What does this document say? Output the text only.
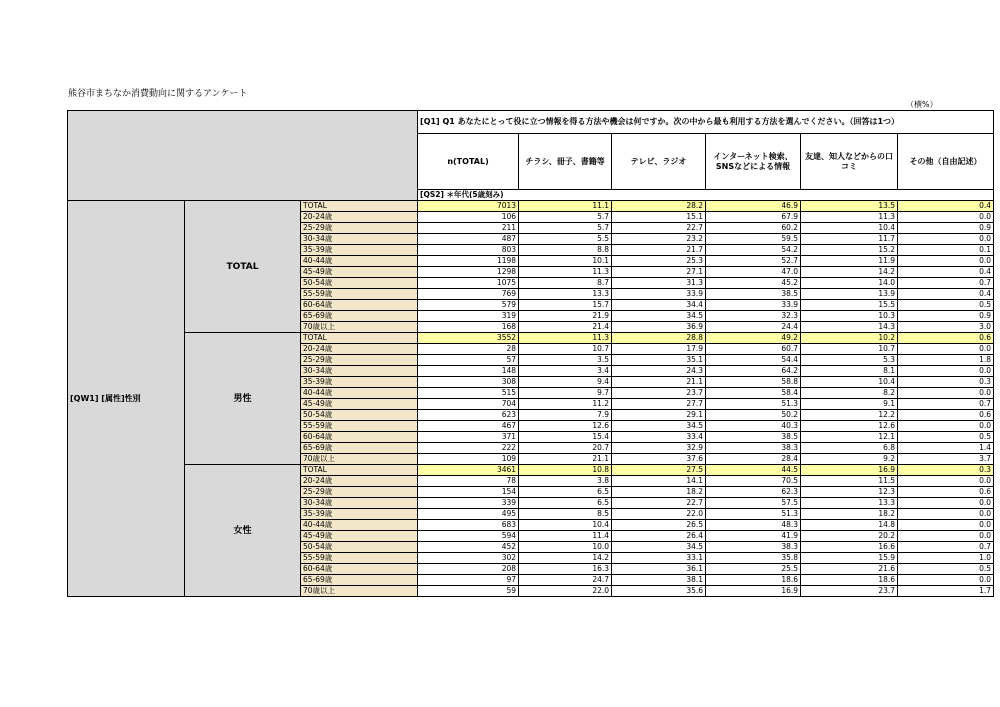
熊谷市まちなか消費動向に関するアンケート
（横%）
			[Q1] Q1 あなたにとって役に立つ情報を得る方法や機会は何ですか。次の中から最も利用する方法を選んでください。（回答は1つ）					
			n(TOTAL)	チラシ、冊子、書籍等	テレビ、ラジオ	インターネット検索、SNSなどによる情報	友達、知人などからの口コミ	その他（自由記述）
			[QS2] ＊年代(5歳刻み)					
[QW1] [属性]性別	TOTAL	TOTAL	7013	11.1	28.2	46.9	13.5	0.4
		20-24歳	106	5.7	15.1	67.9	11.3	0.0
		25-29歳	211	5.7	22.7	60.2	10.4	0.9
		30-34歳	487	5.5	23.2	59.5	11.7	0.0
		35-39歳	803	8.8	21.7	54.2	15.2	0.1
		40-44歳	1198	10.1	25.3	52.7	11.9	0.0
		45-49歳	1298	11.3	27.1	47.0	14.2	0.4
		50-54歳	1075	8.7	31.3	45.2	14.0	0.7
		55-59歳	769	13.3	33.9	38.5	13.9	0.4
		60-64歳	579	15.7	34.4	33.9	15.5	0.5
		65-69歳	319	21.9	34.5	32.3	10.3	0.9
		70歳以上	168	21.4	36.9	24.4	14.3	3.0
	男性	TOTAL	3552	11.3	28.8	49.2	10.2	0.6
		20-24歳	28	10.7	17.9	60.7	10.7	0.0
		25-29歳	57	3.5	35.1	54.4	5.3	1.8
		30-34歳	148	3.4	24.3	64.2	8.1	0.0
		35-39歳	308	9.4	21.1	58.8	10.4	0.3
		40-44歳	515	9.7	23.7	58.4	8.2	0.0
		45-49歳	704	11.2	27.7	51.3	9.1	0.7
		50-54歳	623	7.9	29.1	50.2	12.2	0.6
		55-59歳	467	12.6	34.5	40.3	12.6	0.0
		60-64歳	371	15.4	33.4	38.5	12.1	0.5
		65-69歳	222	20.7	32.9	38.3	6.8	1.4
		70歳以上	109	21.1	37.6	28.4	9.2	3.7
	女性	TOTAL	3461	10.8	27.5	44.5	16.9	0.3
		20-24歳	78	3.8	14.1	70.5	11.5	0.0
		25-29歳	154	6.5	18.2	62.3	12.3	0.6
		30-34歳	339	6.5	22.7	57.5	13.3	0.0
		35-39歳	495	8.5	22.0	51.3	18.2	0.0
		40-44歳	683	10.4	26.5	48.3	14.8	0.0
		45-49歳	594	11.4	26.4	41.9	20.2	0.0
		50-54歳	452	10.0	34.5	38.3	16.6	0.7
		55-59歳	302	14.2	33.1	35.8	15.9	1.0
		60-64歳	208	16.3	36.1	25.5	21.6	0.5
		65-69歳	97	24.7	38.1	18.6	18.6	0.0
		70歳以上	59	22.0	35.6	16.9	23.7	1.7
